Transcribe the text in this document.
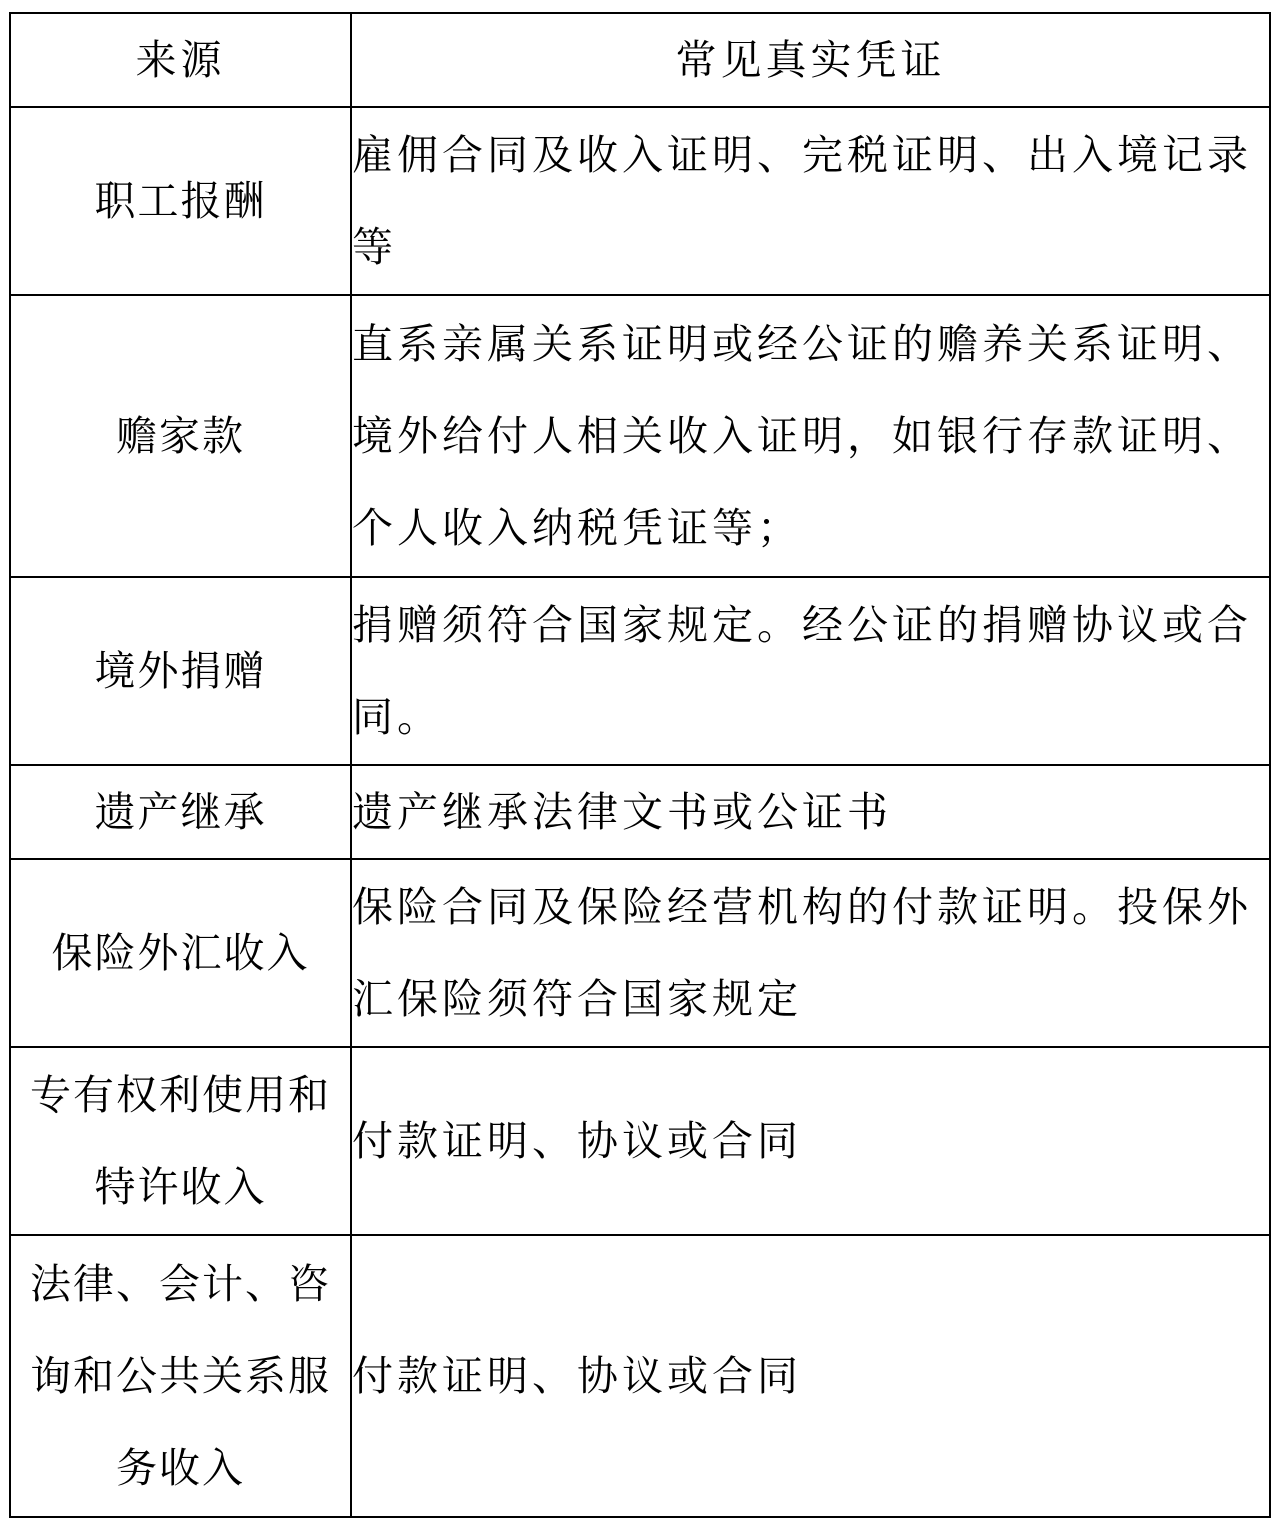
来源	常见真实凭证
职工报酬	雇佣合同及收入证明、完税证明、出入境记录等
赡家款	直系亲属关系证明或经公证的赡养关系证明、境外给付人相关收入证明，如银行存款证明、个人收入纳税凭证等；
境外捐赠	捐赠须符合国家规定。经公证的捐赠协议或合同。
遗产继承	遗产继承法律文书或公证书
保险外汇收入	保险合同及保险经营机构的付款证明。投保外汇保险须符合国家规定
专有权利使用和特许收入	付款证明、协议或合同
法律、会计、咨询和公共关系服务收入	付款证明、协议或合同
